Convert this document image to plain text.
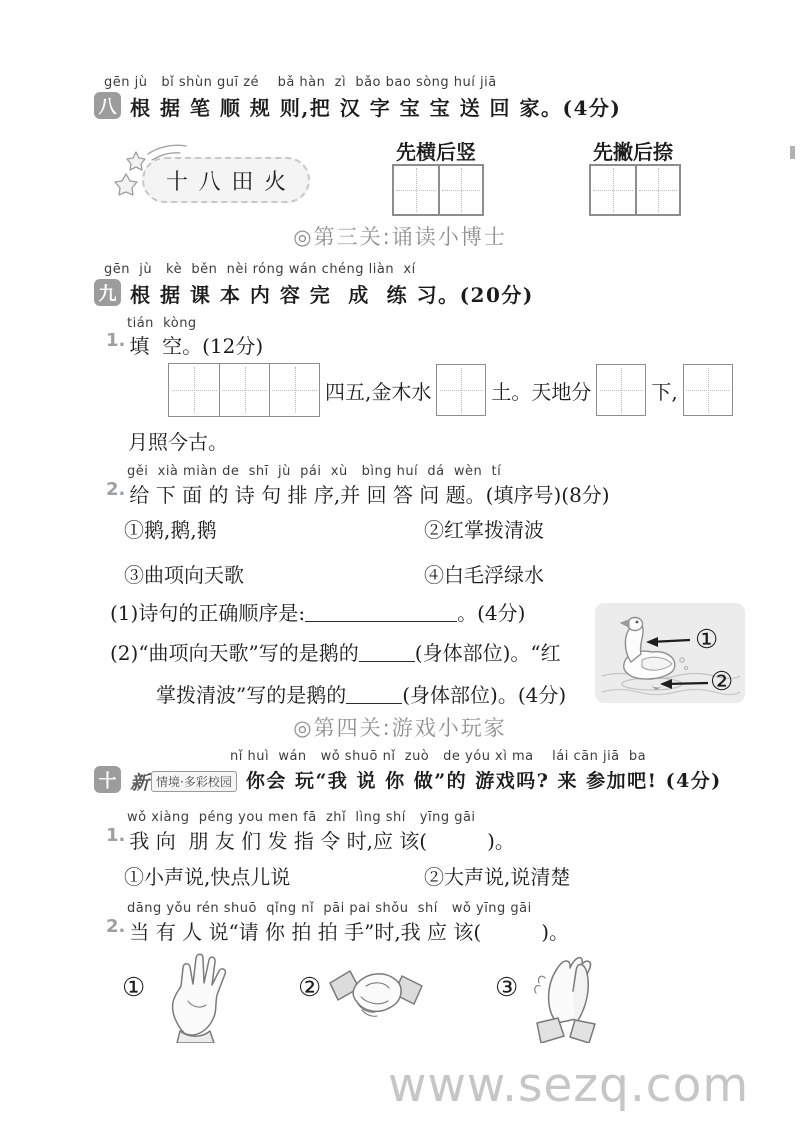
gēn jù   bǐ shùn guī zé    bǎ hàn  zì  bǎo bao sòng huí jiā
八 根 据 笔 顺 规 则,把 汉 字 宝 宝 送 回 家。(4分)
十 八 田 火
先横后竖	先撇后捺
◎第三关:诵读小博士
gēn  jù   kè  běn  nèi róng wán chéng liàn  xí
九 根 据 课 本 内 容 完  成  练 习。(20分)
tián  kòng
1. 填  空。(12分)
四五,金木水	土。天地分	下,
月照今古。
gěi  xià miàn de  shī  jù  pái  xù   bìng huí  dá  wèn  tí
2. 给 下 面 的 诗 句 排 序,并 回 答 问 题。(填序号)(8分)
①鹅,鹅,鹅	②红掌拨清波
③曲项向天歌	④白毛浮绿水
(1)诗句的正确顺序是:	。(4分)
(2)“曲项向天歌”写的是鹅的	(身体部位)。“红
掌拨清波”写的是鹅的	(身体部位)。(4分)
①
②
◎第四关:游戏小玩家
nǐ huì  wán   wǒ shuō nǐ  zuò   de yóu xì ma    lái cān jiā  ba
十 新 情境·多彩校园 你会 玩“我 说 你 做”的 游戏吗? 来 参加吧! (4分)
wǒ xiàng  péng you men fā  zhǐ  lìng shí   yīng gāi
1. 我 向  朋 友 们 发 指 令 时,应 该(　　　)。
①小声说,快点儿说	②大声说,说清楚
dāng yǒu rén shuō  qǐng nǐ  pāi pai shǒu  shí   wǒ yīng gāi
2. 当 有 人 说“请 你 拍 拍 手”时,我 应 该(　　　)。
①	②	③
www.sezq.com
